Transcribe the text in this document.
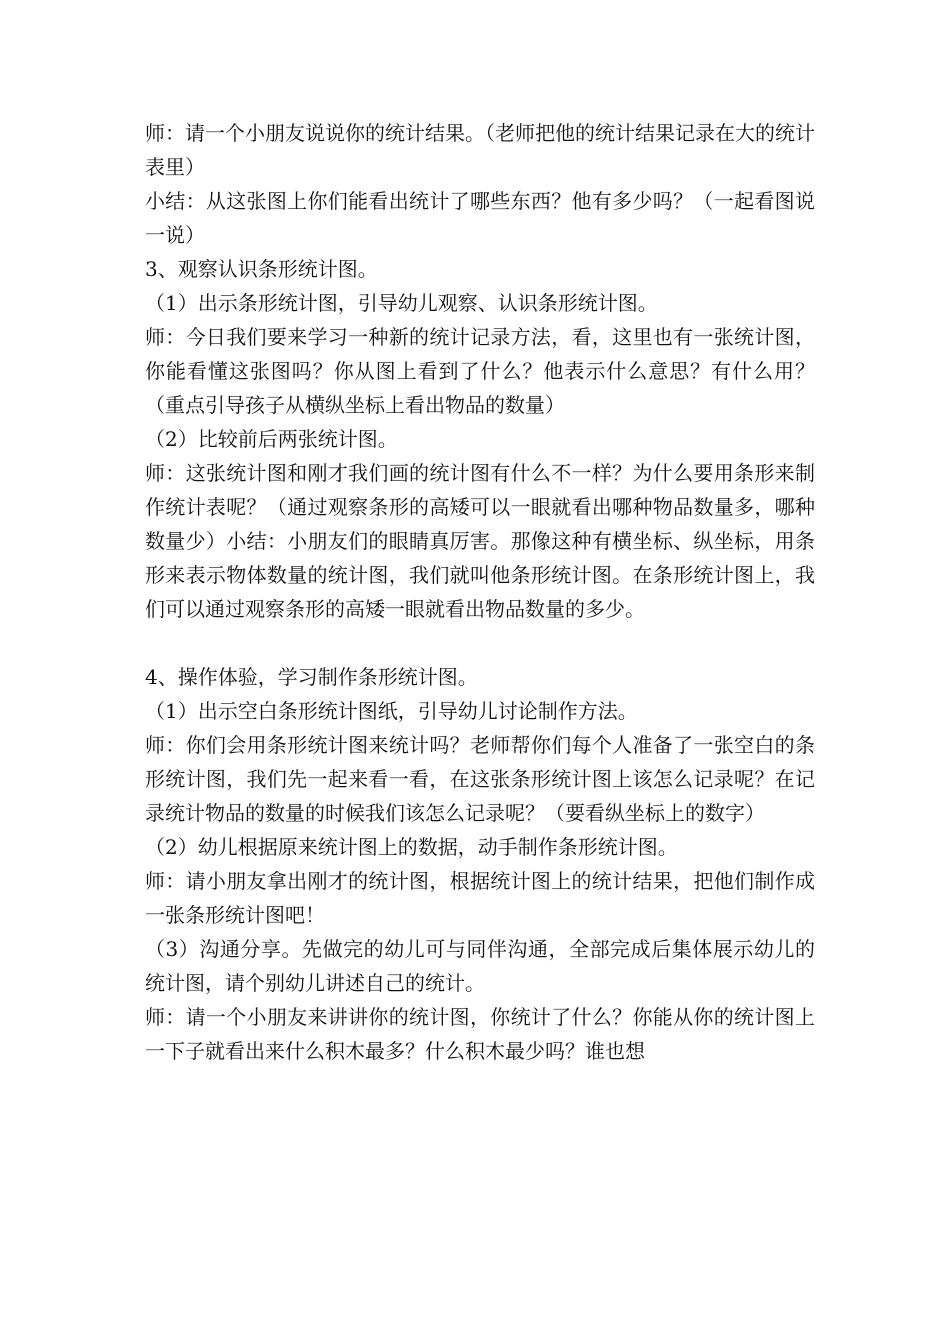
师：请一个小朋友说说你的统计结果。（老师把他的统计结果记录在大的统计表里）

小结：从这张图上你们能看出统计了哪些东西？他有多少吗？（一起看图说一说）

3、观察认识条形统计图。

（1）出示条形统计图，引导幼儿观察、认识条形统计图。

师：今日我们要来学习一种新的统计记录方法，看，这里也有一张统计图，你能看懂这张图吗？你从图上看到了什么？他表示什么意思？有什么用？（重点引导孩子从横纵坐标上看出物品的数量）

（2）比较前后两张统计图。

师：这张统计图和刚才我们画的统计图有什么不一样？为什么要用条形来制作统计表呢？（通过观察条形的高矮可以一眼就看出哪种物品数量多，哪种数量少）小结：小朋友们的眼睛真厉害。那像这种有横坐标、纵坐标，用条形来表示物体数量的统计图，我们就叫他条形统计图。在条形统计图上，我们可以通过观察条形的高矮一眼就看出物品数量的多少。

4、操作体验，学习制作条形统计图。

（1）出示空白条形统计图纸，引导幼儿讨论制作方法。

师：你们会用条形统计图来统计吗？老师帮你们每个人准备了一张空白的条形统计图，我们先一起来看一看，在这张条形统计图上该怎么记录呢？在记录统计物品的数量的时候我们该怎么记录呢？（要看纵坐标上的数字）

（2）幼儿根据原来统计图上的数据，动手制作条形统计图。

师：请小朋友拿出刚才的统计图，根据统计图上的统计结果，把他们制作成一张条形统计图吧！

（3）沟通分享。先做完的幼儿可与同伴沟通，全部完成后集体展示幼儿的统计图，请个别幼儿讲述自己的统计。

师：请一个小朋友来讲讲你的统计图，你统计了什么？你能从你的统计图上一下子就看出来什么积木最多？什么积木最少吗？谁也想
